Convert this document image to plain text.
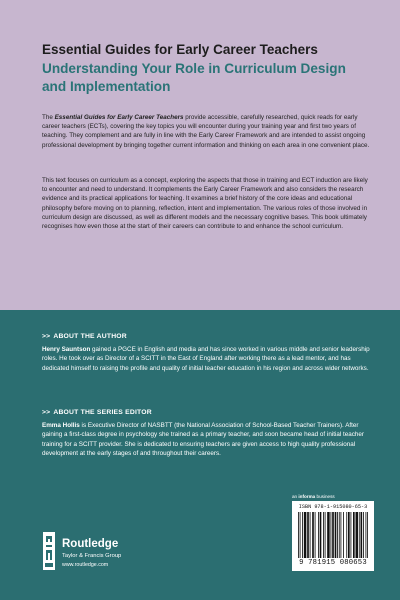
Essential Guides for Early Career Teachers
Understanding Your Role in Curriculum Design and Implementation
The Essential Guides for Early Career Teachers provide accessible, carefully researched, quick reads for early career teachers (ECTs), covering the key topics you will encounter during your training year and first two years of teaching. They complement and are fully in line with the Early Career Framework and are intended to assist ongoing professional development by bringing together current information and thinking on each area in one convenient place.
This text focuses on curriculum as a concept, exploring the aspects that those in training and ECT induction are likely to encounter and need to understand. It complements the Early Career Framework and also considers the research evidence and its practical applications for teaching. It examines a brief history of the core ideas and educational philosophy before moving on to planning, reflection, intent and implementation. The various roles of those involved in curriculum design are discussed, as well as different models and the necessary cognitive bases. This book ultimately recognises how even those at the start of their careers can contribute to and enhance the school curriculum.
>> ABOUT THE AUTHOR
Henry Sauntson gained a PGCE in English and media and has since worked in various middle and senior leadership roles. He took over as Director of a SCITT in the East of England after working there as a lead mentor, and has dedicated himself to raising the profile and quality of initial teacher education in his region and across wider networks.
>> ABOUT THE SERIES EDITOR
Emma Hollis is Executive Director of NASBTT (the National Association of School-Based Teacher Trainers). After gaining a first-class degree in psychology she trained as a primary teacher, and soon became head of initial teacher training for a SCITT provider. She is dedicated to ensuring teachers are given access to high quality professional development at the early stages of and throughout their careers.
an informa business
ISBN 978-1-915080-65-3
9 781915 080653
Routledge
Taylor & Francis Group
www.routledge.com
